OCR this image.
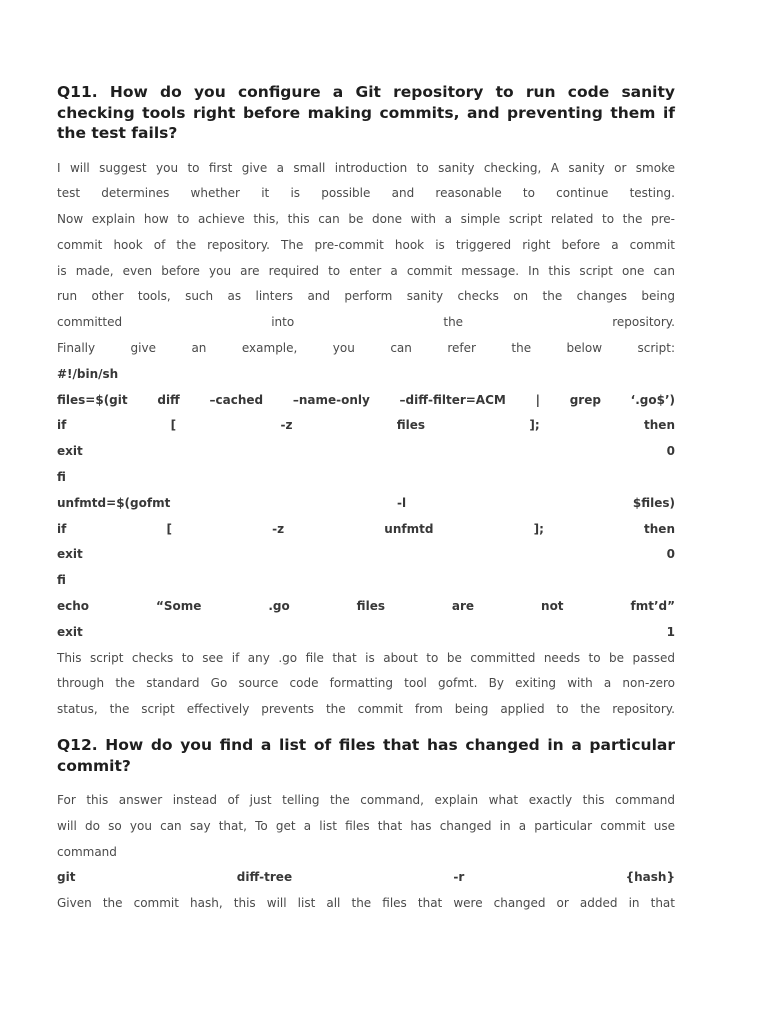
Q11. How do you configure a Git repository to run code sanity
checking tools right before making commits, and preventing them if
the test fails?
I will suggest you to first give a small introduction to sanity checking, A sanity or smoke
test determines whether it is possible and reasonable to continue testing.
Now explain how to achieve this, this can be done with a simple script related to the pre-
commit hook of the repository. The pre-commit hook is triggered right before a commit
is made, even before you are required to enter a commit message. In this script one can
run other tools, such as linters and perform sanity checks on the changes being
committed into the repository.
Finally give an example, you can refer the below script:
#!/bin/sh
files=$(git diff –cached –name-only –diff-filter=ACM | grep ‘.go$’)
if [ -z files ]; then
exit 0
fi
unfmtd=$(gofmt -l $files)
if [ -z unfmtd ]; then
exit 0
fi
echo “Some .go files are not fmt’d”
exit 1
This script checks to see if any .go file that is about to be committed needs to be passed
through the standard Go source code formatting tool gofmt. By exiting with a non-zero
status, the script effectively prevents the commit from being applied to the repository.
Q12. How do you find a list of files that has changed in a particular
commit?
For this answer instead of just telling the command, explain what exactly this command
will do so you can say that, To get a list files that has changed in a particular commit use
command
git diff-tree -r {hash}
Given the commit hash, this will list all the files that were changed or added in that
